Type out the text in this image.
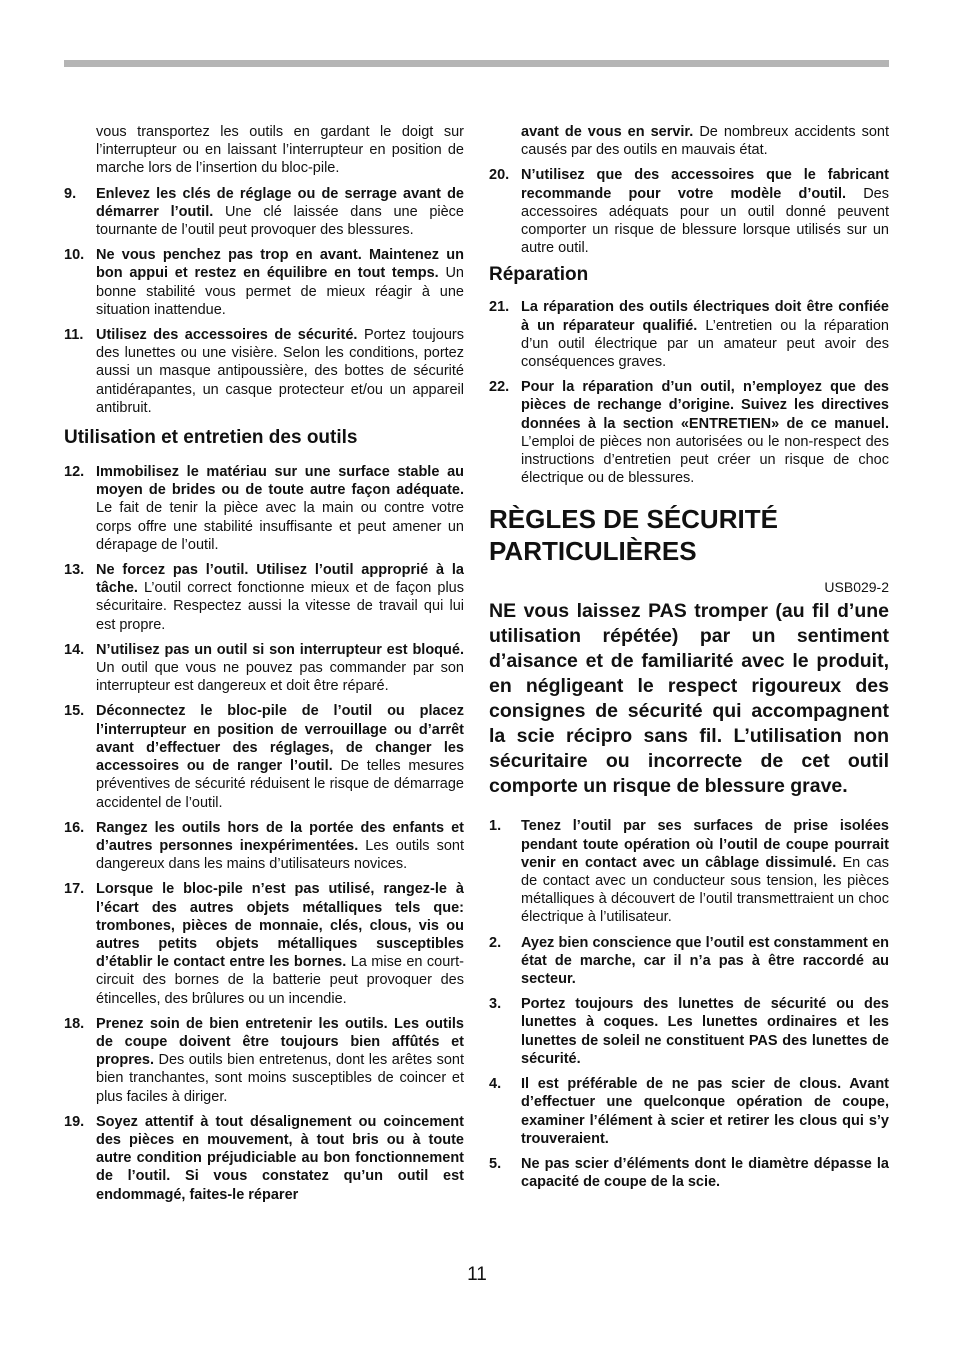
vous transportez les outils en gardant le doigt sur l’interrupteur ou en laissant l’interrupteur en position de marche lors de l’insertion du bloc-pile.

9. Enlevez les clés de réglage ou de serrage avant de démarrer l’outil. Une clé laissée dans une pièce tournante de l’outil peut provoquer des blessures.
10. Ne vous penchez pas trop en avant. Maintenez un bon appui et restez en équilibre en tout temps. Un bonne stabilité vous permet de mieux réagir à une situation inattendue.
11. Utilisez des accessoires de sécurité. Portez toujours des lunettes ou une visière. Selon les conditions, portez aussi un masque antipoussière, des bottes de sécurité antidérapantes, un casque protecteur et/ou un appareil antibruit.
Utilisation et entretien des outils
12. Immobilisez le matériau sur une surface stable au moyen de brides ou de toute autre façon adéquate. Le fait de tenir la pièce avec la main ou contre votre corps offre une stabilité insuffisante et peut amener un dérapage de l’outil.
13. Ne forcez pas l’outil. Utilisez l’outil approprié à la tâche. L’outil correct fonctionne mieux et de façon plus sécuritaire. Respectez aussi la vitesse de travail qui lui est propre.
14. N’utilisez pas un outil si son interrupteur est bloqué. Un outil que vous ne pouvez pas commander par son interrupteur est dangereux et doit être réparé.
15. Déconnectez le bloc-pile de l’outil ou placez l’interrupteur en position de verrouillage ou d’arrêt avant d’effectuer des réglages, de changer les accessoires ou de ranger l’outil. De telles mesures préventives de sécurité réduisent le risque de démarrage accidentel de l’outil.
16. Rangez les outils hors de la portée des enfants et d’autres personnes inexpérimentées. Les outils sont dangereux dans les mains d’utilisateurs novices.
17. Lorsque le bloc-pile n’est pas utilisé, rangez-le à l’écart des autres objets métalliques tels que: trombones, pièces de monnaie, clés, clous, vis ou autres petits objets métalliques susceptibles d’établir le contact entre les bornes. La mise en court-circuit des bornes de la batterie peut provoquer des étincelles, des brûlures ou un incendie.
18. Prenez soin de bien entretenir les outils. Les outils de coupe doivent être toujours bien affûtés et propres. Des outils bien entretenus, dont les arêtes sont bien tranchantes, sont moins susceptibles de coincer et plus faciles à diriger.
19. Soyez attentif à tout désalignement ou coincement des pièces en mouvement, à tout bris ou à toute autre condition préjudiciable au bon fonctionnement de l’outil. Si vous constatez qu’un outil est endommagé, faites-le réparer

avant de vous en servir. De nombreux accidents sont causés par des outils en mauvais état.

20. N’utilisez que des accessoires que le fabricant recommande pour votre modèle d’outil. Des accessoires adéquats pour un outil donné peuvent comporter un risque de blessure lorsque utilisés sur un autre outil.
Réparation
21. La réparation des outils électriques doit être confiée à un réparateur qualifié. L’entretien ou la réparation d’un outil électrique par un amateur peut avoir des conséquences graves.
22. Pour la réparation d’un outil, n’employez que des pièces de rechange d’origine. Suivez les directives données à la section «ENTRETIEN» de ce manuel. L’emploi de pièces non autorisées ou le non-respect des instructions d’entretien peut créer un risque de choc électrique ou de blessures.
RÈGLES DE SÉCURITÉ
PARTICULIÈRES
USB029-2

NE vous laissez PAS tromper (au fil d’une utilisation répétée) par un sentiment d’aisance et de familiarité avec le produit, en négligeant le respect rigoureux des consignes de sécurité qui accompagnent la scie récipro sans fil. L’utilisation non sécuritaire ou incorrecte de cet outil comporte un risque de blessure grave.

1. Tenez l’outil par ses surfaces de prise isolées pendant toute opération où l’outil de coupe pourrait venir en contact avec un câblage dissimulé. En cas de contact avec un conducteur sous tension, les pièces métalliques à découvert de l’outil transmettraient un choc électrique à l’utilisateur.
2. Ayez bien conscience que l’outil est constamment en état de marche, car il n’a pas à être raccordé au secteur.
3. Portez toujours des lunettes de sécurité ou des lunettes à coques. Les lunettes ordinaires et les lunettes de soleil ne constituent PAS des lunettes de sécurité.
4. Il est préférable de ne pas scier de clous. Avant d’effectuer une quelconque opération de coupe, examiner l’élément à scier et retirer les clous qui s’y trouveraient.
5. Ne pas scier d’éléments dont le diamètre dépasse la capacité de coupe de la scie.
11
